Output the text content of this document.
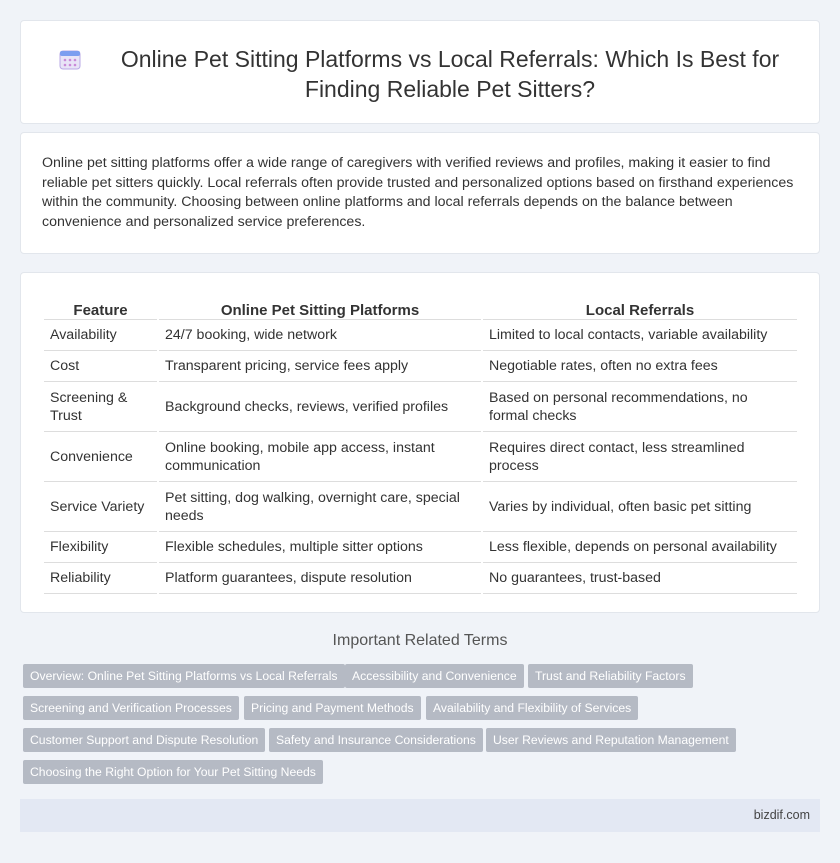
Online Pet Sitting Platforms vs Local Referrals: Which Is Best for Finding Reliable Pet Sitters?

Online pet sitting platforms offer a wide range of caregivers with verified reviews and profiles, making it easier to find reliable pet sitters quickly. Local referrals often provide trusted and personalized options based on firsthand experiences within the community. Choosing between online platforms and local referrals depends on the balance between convenience and personalized service preferences.

Feature	Online Pet Sitting Platforms	Local Referrals
Availability	24/7 booking, wide network	Limited to local contacts, variable availability
Cost	Transparent pricing, service fees apply	Negotiable rates, often no extra fees
Screening & Trust	Background checks, reviews, verified profiles	Based on personal recommendations, no formal checks
Convenience	Online booking, mobile app access, instant communication	Requires direct contact, less streamlined process
Service Variety	Pet sitting, dog walking, overnight care, special needs	Varies by individual, often basic pet sitting
Flexibility	Flexible schedules, multiple sitter options	Less flexible, depends on personal availability
Reliability	Platform guarantees, dispute resolution	No guarantees, trust-based
Important Related Terms
Overview: Online Pet Sitting Platforms vs Local Referrals	Accessibility and Convenience	Trust and Reliability Factors
Screening and Verification Processes	Pricing and Payment Methods	Availability and Flexibility of Services
Customer Support and Dispute Resolution	Safety and Insurance Considerations	User Reviews and Reputation Management
Choosing the Right Option for Your Pet Sitting Needs
bizdif.com
